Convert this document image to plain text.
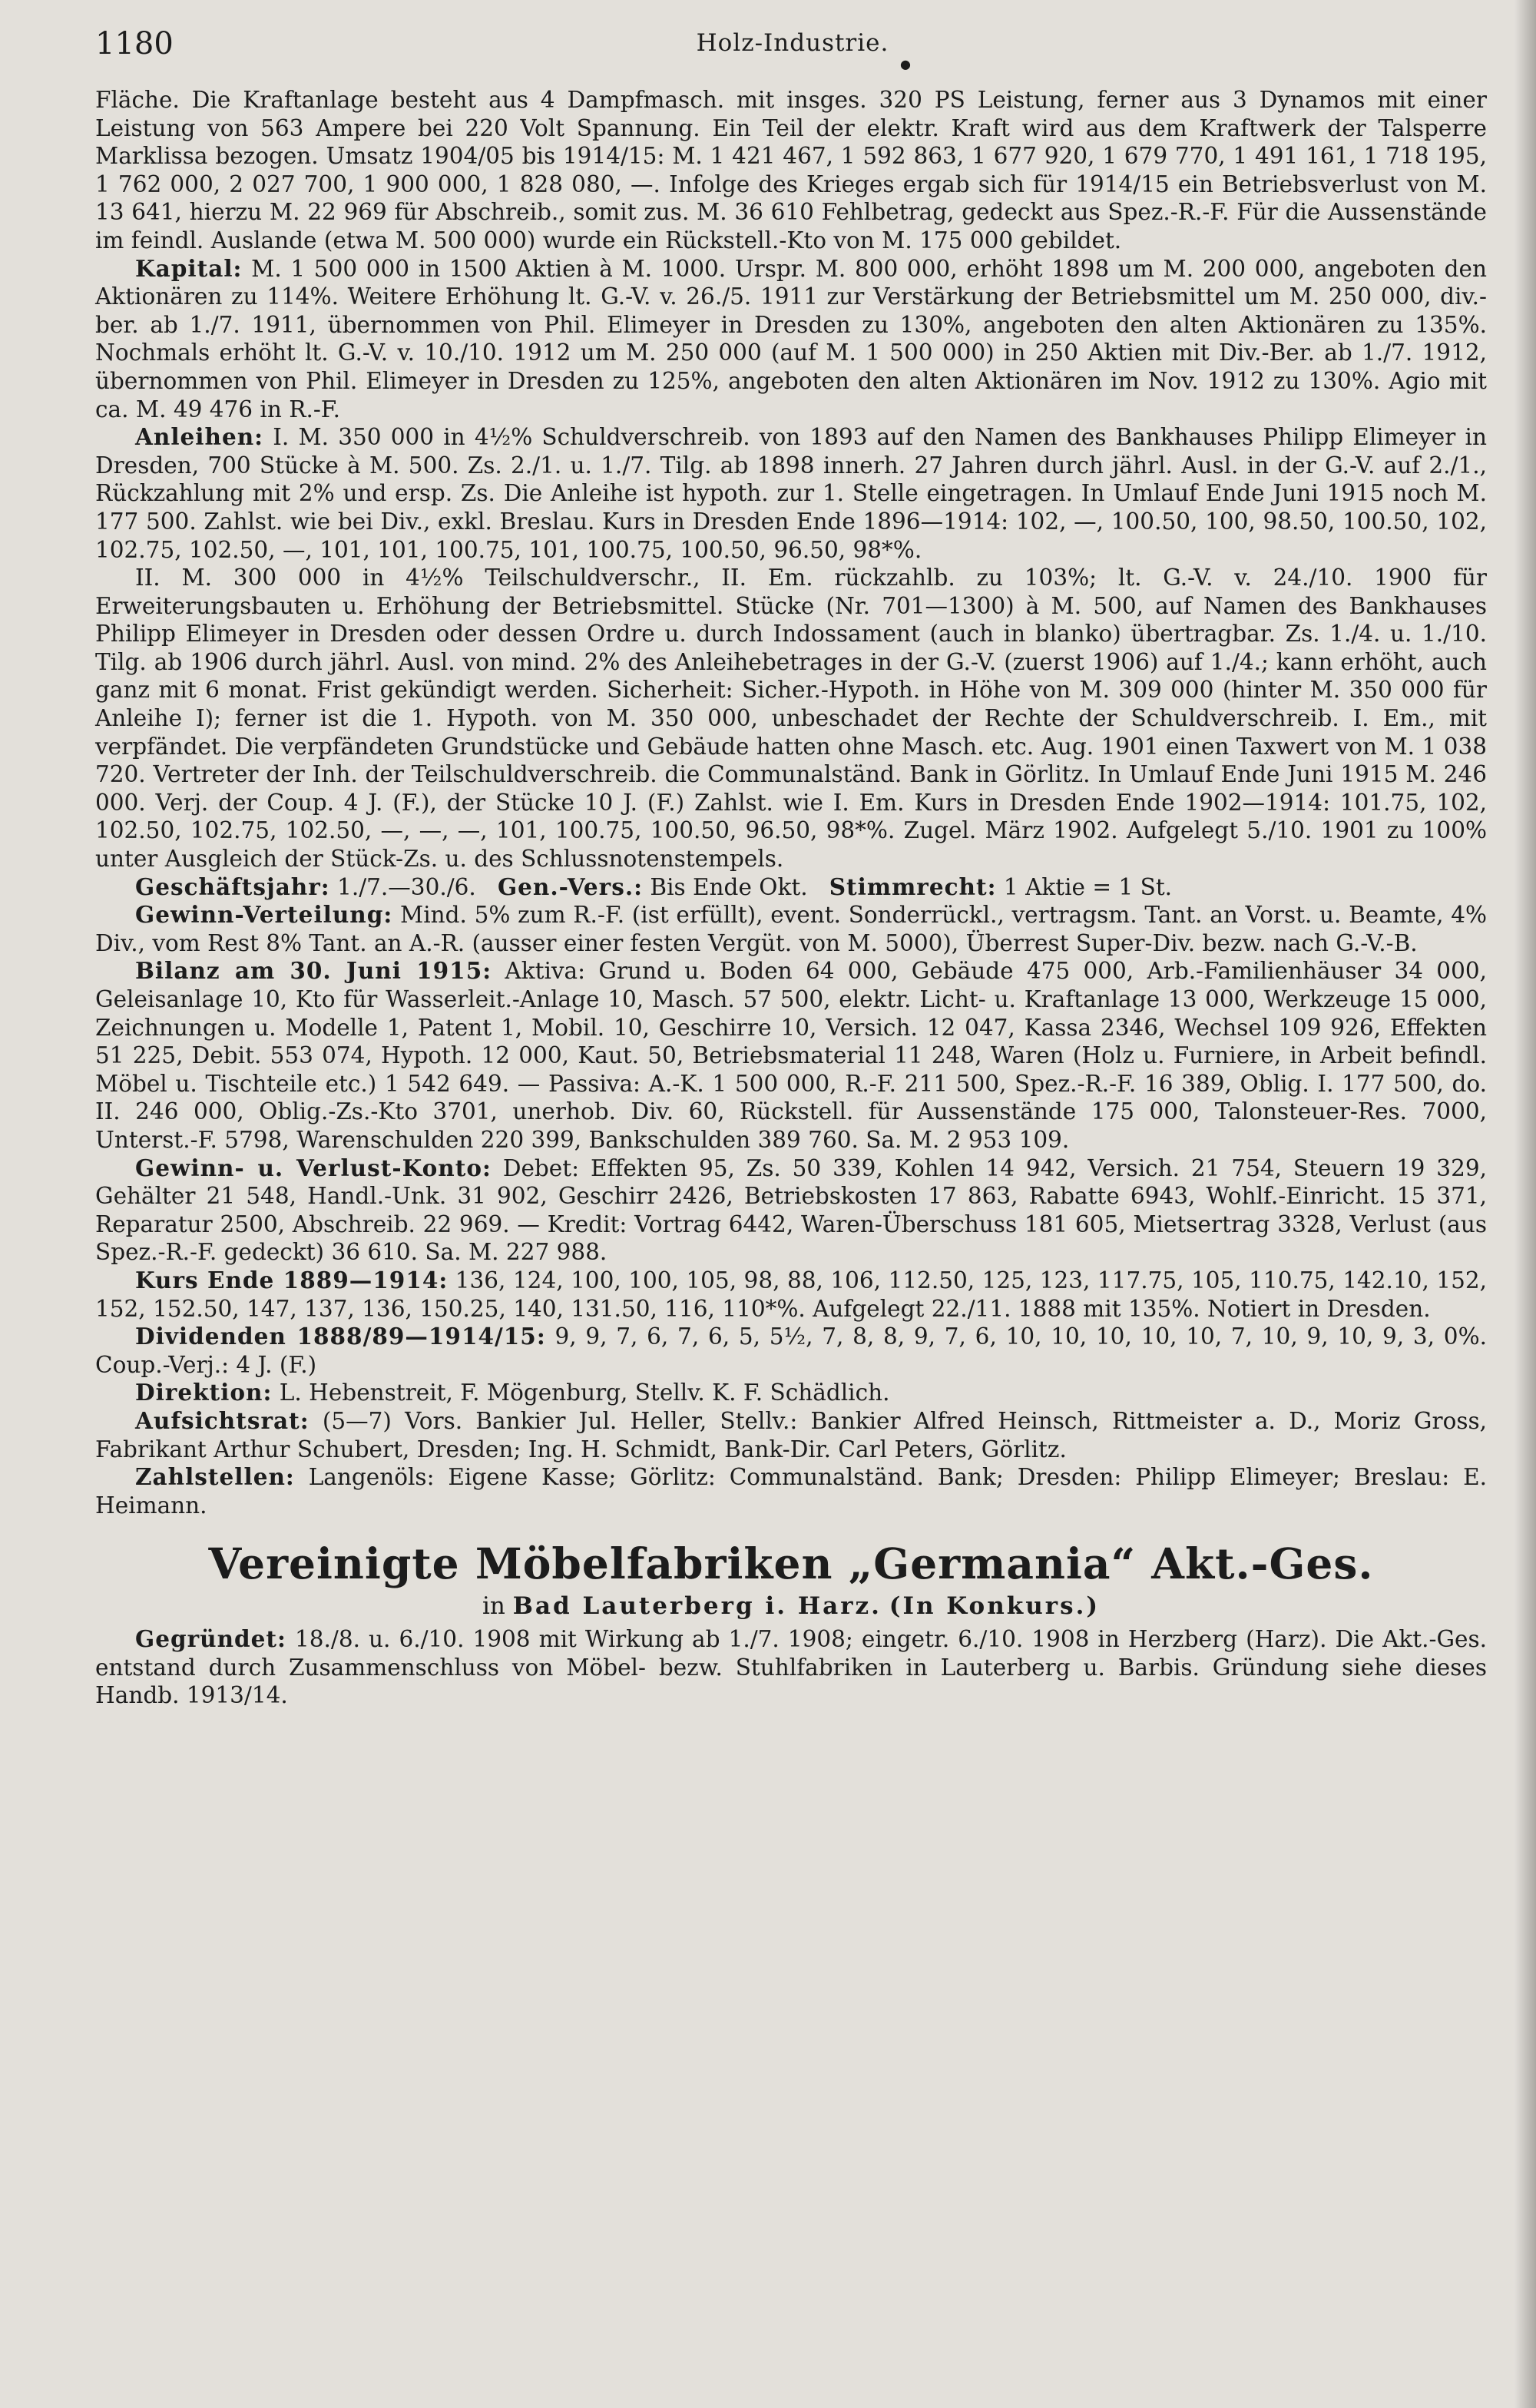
1180	Holz-Industrie.
●

Fläche. Die Kraftanlage besteht aus 4 Dampfmasch. mit insges. 320 PS Leistung, ferner aus 3 Dynamos mit einer Leistung von 563 Ampere bei 220 Volt Spannung. Ein Teil der elektr. Kraft wird aus dem Kraftwerk der Talsperre Marklissa bezogen. Umsatz 1904/05 bis 1914/15: M. 1 421 467, 1 592 863, 1 677 920, 1 679 770, 1 491 161, 1 718 195, 1 762 000, 2 027 700, 1 900 000, 1 828 080, —. Infolge des Krieges ergab sich für 1914/15 ein Betriebsverlust von M. 13 641, hierzu M. 22 969 für Abschreib., somit zus. M. 36 610 Fehlbetrag, gedeckt aus Spez.-R.-F. Für die Aussenstände im feindl. Auslande (etwa M. 500 000) wurde ein Rückstell.-Kto von M. 175 000 gebildet.

Kapital: M. 1 500 000 in 1500 Aktien à M. 1000. Urspr. M. 800 000, erhöht 1898 um M. 200 000, angeboten den Aktionären zu 114%. Weitere Erhöhung lt. G.-V. v. 26./5. 1911 zur Verstärkung der Betriebsmittel um M. 250 000, div.-ber. ab 1./7. 1911, übernommen von Phil. Elimeyer in Dresden zu 130%, angeboten den alten Aktionären zu 135%. Nochmals erhöht lt. G.-V. v. 10./10. 1912 um M. 250 000 (auf M. 1 500 000) in 250 Aktien mit Div.-Ber. ab 1./7. 1912, übernommen von Phil. Elimeyer in Dresden zu 125%, angeboten den alten Aktionären im Nov. 1912 zu 130%. Agio mit ca. M. 49 476 in R.-F.

Anleihen: I. M. 350 000 in 4½% Schuldverschreib. von 1893 auf den Namen des Bankhauses Philipp Elimeyer in Dresden, 700 Stücke à M. 500. Zs. 2./1. u. 1./7. Tilg. ab 1898 innerh. 27 Jahren durch jährl. Ausl. in der G.-V. auf 2./1., Rückzahlung mit 2% und ersp. Zs. Die Anleihe ist hypoth. zur 1. Stelle eingetragen. In Umlauf Ende Juni 1915 noch M. 177 500. Zahlst. wie bei Div., exkl. Breslau. Kurs in Dresden Ende 1896—1914: 102, —, 100.50, 100, 98.50, 100.50, 102, 102.75, 102.50, —, 101, 101, 100.75, 101, 100.75, 100.50, 96.50, 98*%.

II. M. 300 000 in 4½% Teilschuldverschr., II. Em. rückzahlb. zu 103%; lt. G.-V. v. 24./10. 1900 für Erweiterungsbauten u. Erhöhung der Betriebsmittel. Stücke (Nr. 701—1300) à M. 500, auf Namen des Bankhauses Philipp Elimeyer in Dresden oder dessen Ordre u. durch Indossament (auch in blanko) übertragbar. Zs. 1./4. u. 1./10. Tilg. ab 1906 durch jährl. Ausl. von mind. 2% des Anleihebetrages in der G.-V. (zuerst 1906) auf 1./4.; kann erhöht, auch ganz mit 6 monat. Frist gekündigt werden. Sicherheit: Sicher.-Hypoth. in Höhe von M. 309 000 (hinter M. 350 000 für Anleihe I); ferner ist die 1. Hypoth. von M. 350 000, unbeschadet der Rechte der Schuldverschreib. I. Em., mit verpfändet. Die verpfändeten Grundstücke und Gebäude hatten ohne Masch. etc. Aug. 1901 einen Taxwert von M. 1 038 720. Vertreter der Inh. der Teilschuldverschreib. die Communalständ. Bank in Görlitz. In Umlauf Ende Juni 1915 M. 246 000. Verj. der Coup. 4 J. (F.), der Stücke 10 J. (F.) Zahlst. wie I. Em. Kurs in Dresden Ende 1902—1914: 101.75, 102, 102.50, 102.75, 102.50, —, —, —, 101, 100.75, 100.50, 96.50, 98*%. Zugel. März 1902. Aufgelegt 5./10. 1901 zu 100% unter Ausgleich der Stück-Zs. u. des Schlussnotenstempels.

Geschäftsjahr: 1./7.—30./6. Gen.-Vers.: Bis Ende Okt. Stimmrecht: 1 Aktie = 1 St.

Gewinn-Verteilung: Mind. 5% zum R.-F. (ist erfüllt), event. Sonderrückl., vertragsm. Tant. an Vorst. u. Beamte, 4% Div., vom Rest 8% Tant. an A.-R. (ausser einer festen Vergüt. von M. 5000), Überrest Super-Div. bezw. nach G.-V.-B.

Bilanz am 30. Juni 1915: Aktiva: Grund u. Boden 64 000, Gebäude 475 000, Arb.-Familienhäuser 34 000, Geleisanlage 10, Kto für Wasserleit.-Anlage 10, Masch. 57 500, elektr. Licht- u. Kraftanlage 13 000, Werkzeuge 15 000, Zeichnungen u. Modelle 1, Patent 1, Mobil. 10, Geschirre 10, Versich. 12 047, Kassa 2346, Wechsel 109 926, Effekten 51 225, Debit. 553 074, Hypoth. 12 000, Kaut. 50, Betriebsmaterial 11 248, Waren (Holz u. Furniere, in Arbeit befindl. Möbel u. Tischteile etc.) 1 542 649. — Passiva: A.-K. 1 500 000, R.-F. 211 500, Spez.-R.-F. 16 389, Oblig. I. 177 500, do. II. 246 000, Oblig.-Zs.-Kto 3701, unerhob. Div. 60, Rückstell. für Aussenstände 175 000, Talonsteuer-Res. 7000, Unterst.-F. 5798, Warenschulden 220 399, Bankschulden 389 760. Sa. M. 2 953 109.

Gewinn- u. Verlust-Konto: Debet: Effekten 95, Zs. 50 339, Kohlen 14 942, Versich. 21 754, Steuern 19 329, Gehälter 21 548, Handl.-Unk. 31 902, Geschirr 2426, Betriebskosten 17 863, Rabatte 6943, Wohlf.-Einricht. 15 371, Reparatur 2500, Abschreib. 22 969. — Kredit: Vortrag 6442, Waren-Überschuss 181 605, Mietsertrag 3328, Verlust (aus Spez.-R.-F. gedeckt) 36 610. Sa. M. 227 988.

Kurs Ende 1889—1914: 136, 124, 100, 100, 105, 98, 88, 106, 112.50, 125, 123, 117.75, 105, 110.75, 142.10, 152, 152, 152.50, 147, 137, 136, 150.25, 140, 131.50, 116, 110*%. Aufgelegt 22./11. 1888 mit 135%. Notiert in Dresden.

Dividenden 1888/89—1914/15: 9, 9, 7, 6, 7, 6, 5, 5½, 7, 8, 8, 9, 7, 6, 10, 10, 10, 10, 10, 7, 10, 9, 10, 9, 3, 0%. Coup.-Verj.: 4 J. (F.)

Direktion: L. Hebenstreit, F. Mögenburg, Stellv. K. F. Schädlich.

Aufsichtsrat: (5—7) Vors. Bankier Jul. Heller, Stellv.: Bankier Alfred Heinsch, Rittmeister a. D., Moriz Gross, Fabrikant Arthur Schubert, Dresden; Ing. H. Schmidt, Bank-Dir. Carl Peters, Görlitz.

Zahlstellen: Langenöls: Eigene Kasse; Görlitz: Communalständ. Bank; Dresden: Philipp Elimeyer; Breslau: E. Heimann.

Vereinigte Möbelfabriken „Germania“ Akt.-Ges.
in Bad Lauterberg i. Harz. (In Konkurs.)

Gegründet: 18./8. u. 6./10. 1908 mit Wirkung ab 1./7. 1908; eingetr. 6./10. 1908 in Herzberg (Harz). Die Akt.-Ges. entstand durch Zusammenschluss von Möbel- bezw. Stuhlfabriken in Lauterberg u. Barbis. Gründung siehe dieses Handb. 1913/14.
